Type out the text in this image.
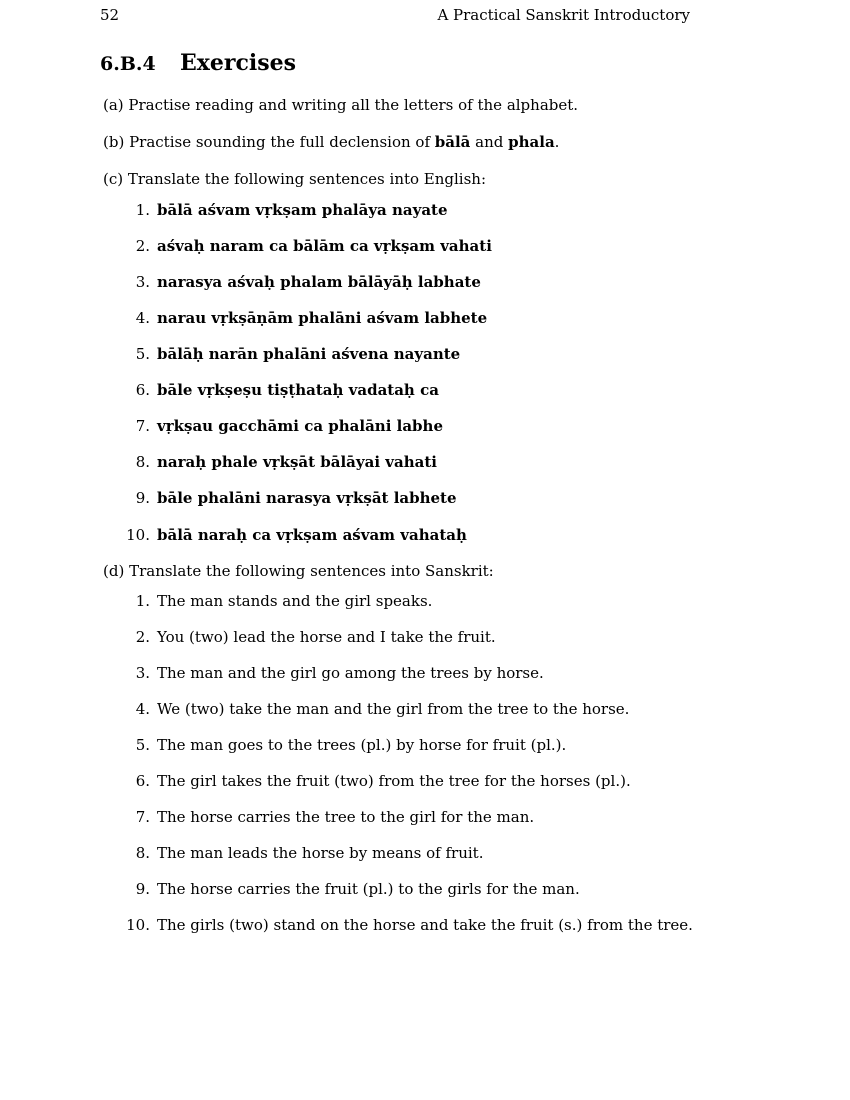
52	A Practical Sanskrit Introductory
6.B.4 Exercises
(a) Practise reading and writing all the letters of the alphabet.
(b) Practise sounding the full declension of bālā and phala.
(c) Translate the following sentences into English:
1. bālā aśvam vṛkṣam phalāya nayate
2. aśvaḥ naram ca bālām ca vṛkṣam vahati
3. narasya aśvaḥ phalam bālāyāḥ labhate
4. narau vṛkṣāṇām phalāni aśvam labhete
5. bālāḥ narān phalāni aśvena nayante
6. bāle vṛkṣeṣu tiṣṭhataḥ vadataḥ ca
7. vṛkṣau gacchāmi ca phalāni labhe
8. naraḥ phale vṛkṣāt bālāyai vahati
9. bāle phalāni narasya vṛkṣāt labhete
10. bālā naraḥ ca vṛkṣam aśvam vahataḥ
(d) Translate the following sentences into Sanskrit:
1. The man stands and the girl speaks.
2. You (two) lead the horse and I take the fruit.
3. The man and the girl go among the trees by horse.
4. We (two) take the man and the girl from the tree to the horse.
5. The man goes to the trees (pl.) by horse for fruit (pl.).
6. The girl takes the fruit (two) from the tree for the horses (pl.).
7. The horse carries the tree to the girl for the man.
8. The man leads the horse by means of fruit.
9. The horse carries the fruit (pl.) to the girls for the man.
10. The girls (two) stand on the horse and take the fruit (s.) from the tree.
